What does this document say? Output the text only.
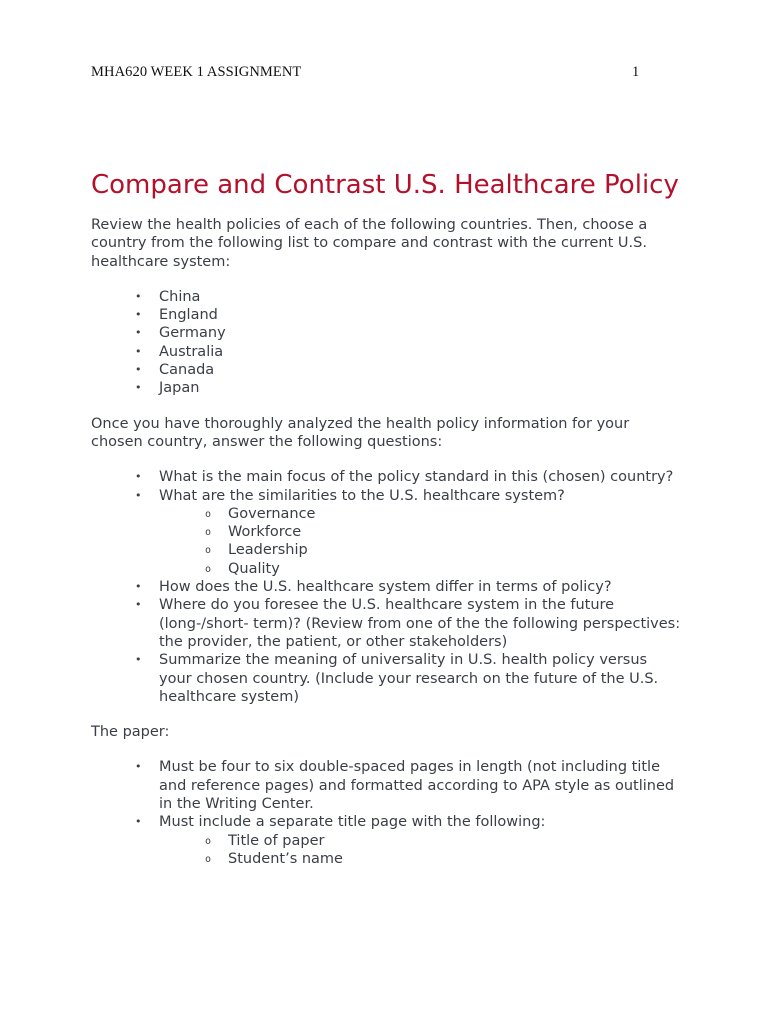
MHA620 WEEK 1 ASSIGNMENT	1
Compare and Contrast U.S. Healthcare Policy

Review the health policies of each of the following countries. Then, choose a country from the following list to compare and contrast with the current U.S. healthcare system:

• China
• England
• Germany
• Australia
• Canada
• Japan

Once you have thoroughly analyzed the health policy information for your chosen country, answer the following questions:

• What is the main focus of the policy standard in this (chosen) country?
• What are the similarities to the U.S. healthcare system?
o Governance
o Workforce
o Leadership
o Quality
• How does the U.S. healthcare system differ in terms of policy?
• Where do you foresee the U.S. healthcare system in the future (long-/short- term)? (Review from one of the the following perspectives: the provider, the patient, or other stakeholders)
• Summarize the meaning of universality in U.S. health policy versus your chosen country. (Include your research on the future of the U.S. healthcare system)

The paper:

• Must be four to six double-spaced pages in length (not including title and reference pages) and formatted according to APA style as outlined in the Writing Center.
• Must include a separate title page with the following:
o Title of paper
o Student’s name
